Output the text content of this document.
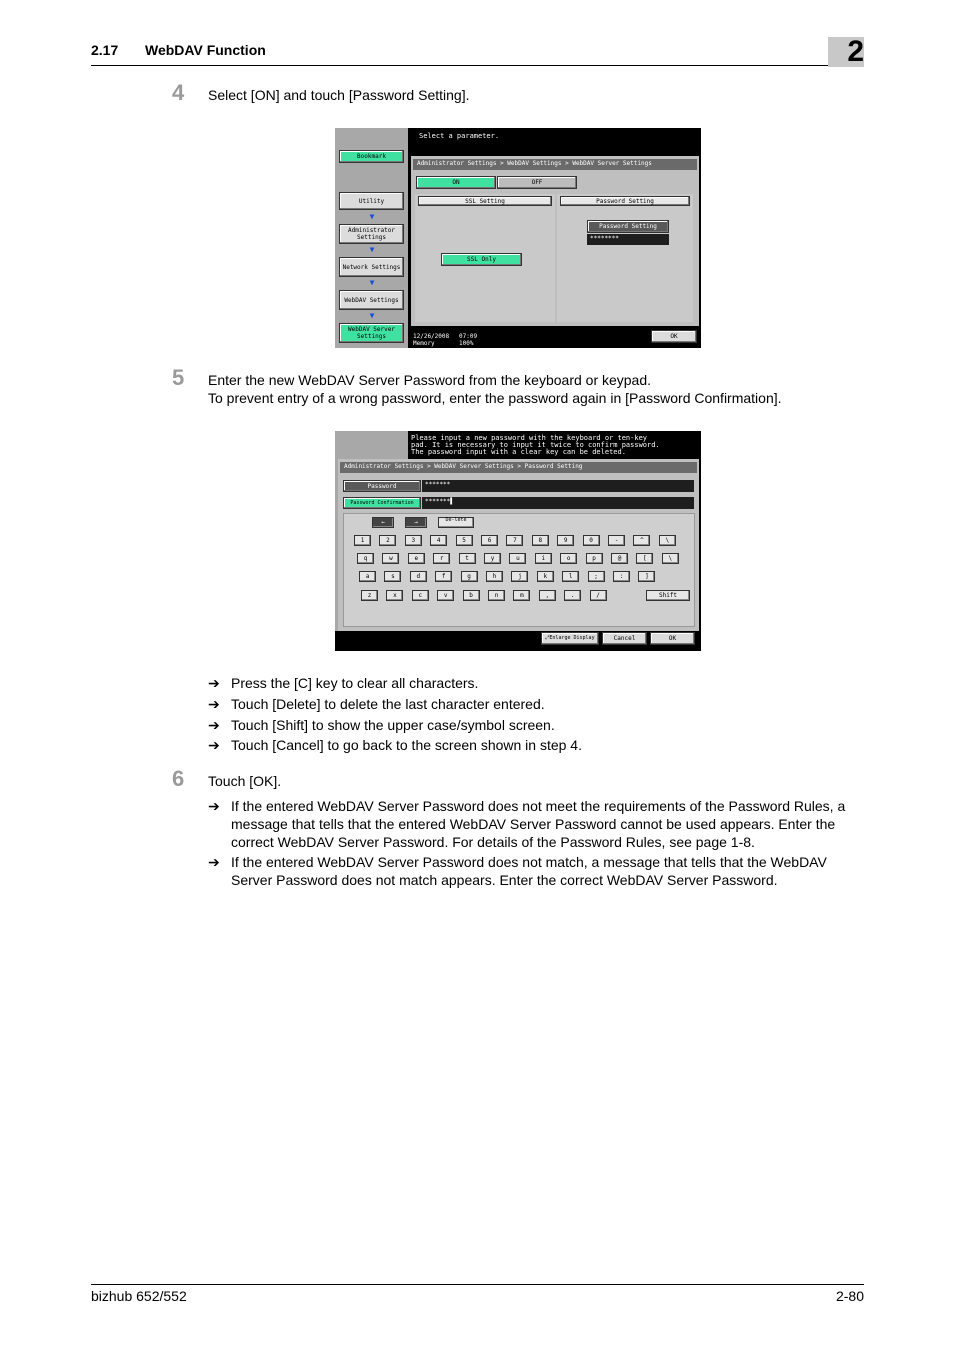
2.17 WebDAV Function	2
4 Select [ON] and touch [Password Setting].
Bookmark
Utility
▼
Administrator Settings
▼
Network Settings
▼
WebDAV Settings
▼
WebDAV Server Settings
Select a parameter.
Administrator Settings > WebDAV Settings > WebDAV Server Settings
ON	OFF
SSL Setting
SSL Only
Password Setting
Password Setting
********
12/26/2008 07:09
Memory	100%
OK
5 Enter the new WebDAV Server Password from the keyboard or keypad.
To prevent entry of a wrong password, enter the password again in [Password Confirmation].
Please input a new password with the keyboard or ten-key
pad. It is necessary to input it twice to confirm password.
The password input with a clear key can be deleted.
Administrator Settings > WebDAV Server Settings > Password Setting
Password	*******
Password Confirmation	*******▌
←	→	De-lete
Shift
⤢ Enlarge Display	Cancel	OK
1	2	3	4	5	6	7	8	9	0	-	^	\
q	w	e	r	t	y	u	i	o	p	@	[	\
a	s	d	f	g	h	j	k	l	;	:	]
z	x	c	v	b	n	m	,	.	/
➔ Press the [C] key to clear all characters.
➔ Touch [Delete] to delete the last character entered.
➔ Touch [Shift] to show the upper case/symbol screen.
➔ Touch [Cancel] to go back to the screen shown in step 4.
6 Touch [OK].
➔ If the entered WebDAV Server Password does not meet the requirements of the Password Rules, a
message that tells that the entered WebDAV Server Password cannot be used appears. Enter the
correct WebDAV Server Password. For details of the Password Rules, see page 1-8.
➔ If the entered WebDAV Server Password does not match, a message that tells that the WebDAV
Server Password does not match appears. Enter the correct WebDAV Server Password.
bizhub 652/552	2-80
